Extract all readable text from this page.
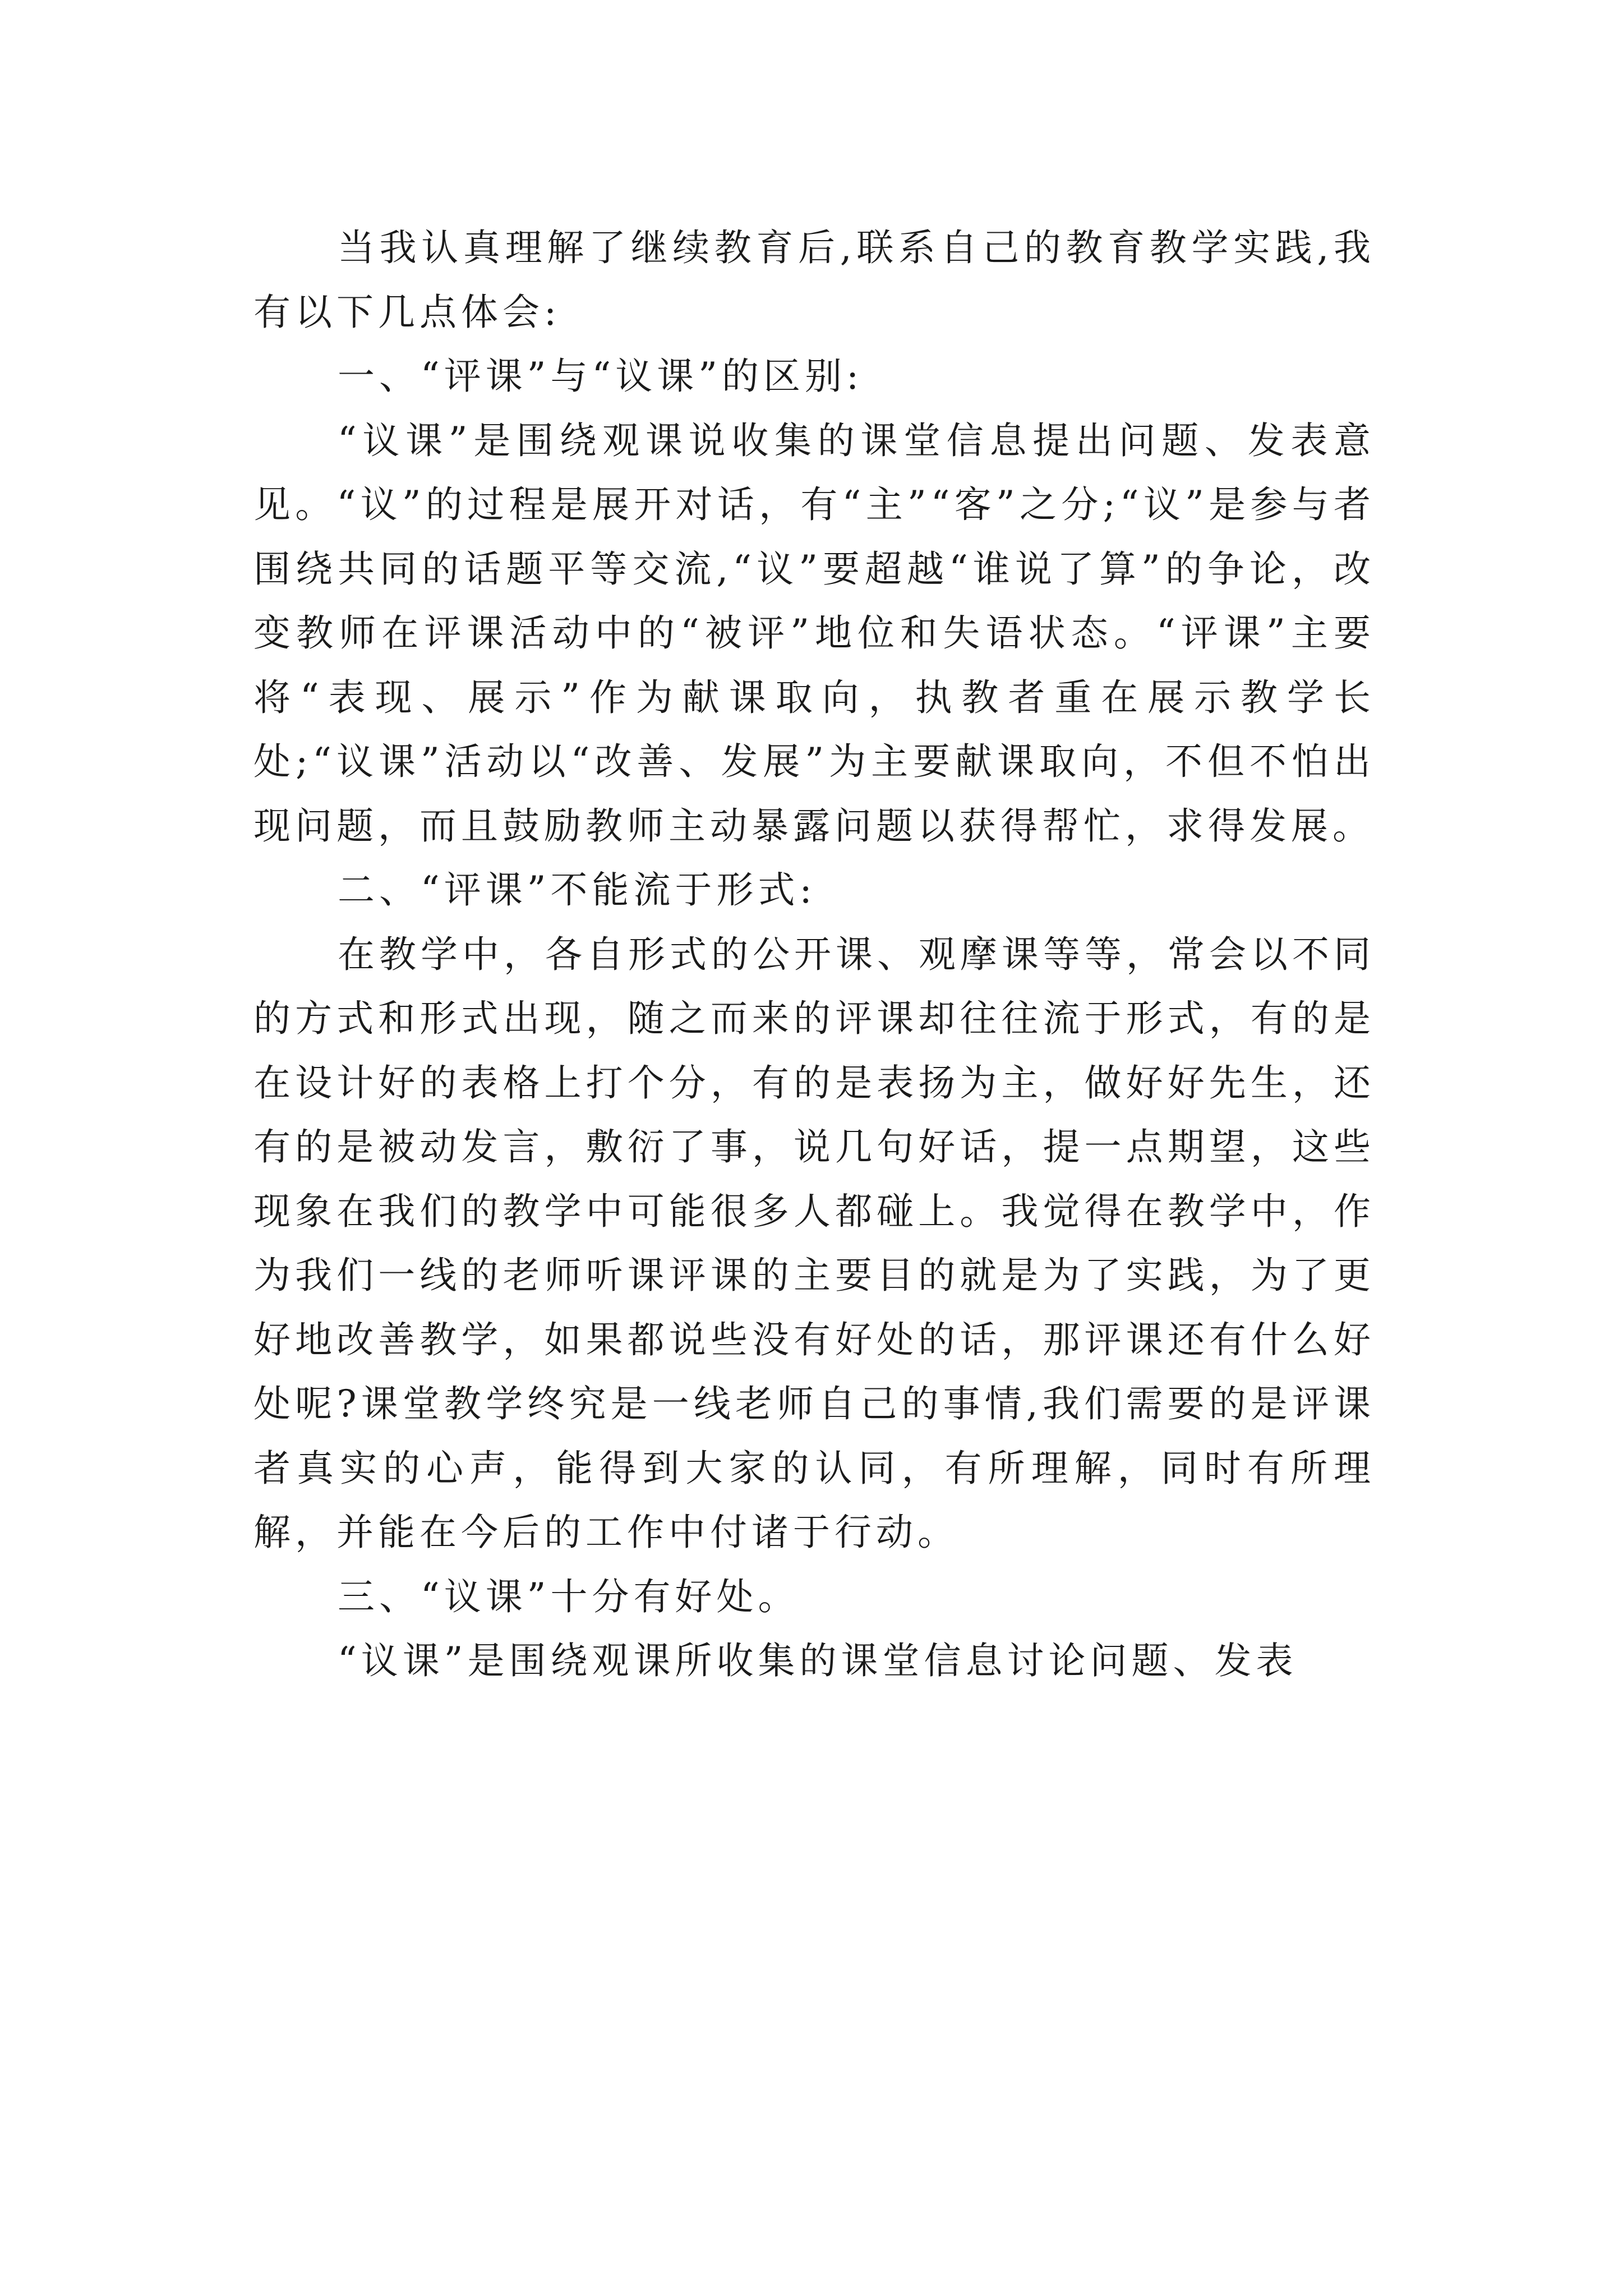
当我认真理解了继续教育后,联系自己的教育教学实践,我有以下几点体会:

一、“评课”与“议课”的区别:

“议课”是围绕观课说收集的课堂信息提出问题、发表意见。“议”的过程是展开对话，有“主”“客”之分;“议”是参与者围绕共同的话题平等交流,“议”要超越“谁说了算”的争论，改变教师在评课活动中的“被评”地位和失语状态。“评课”主要将“表现、展示”作为献课取向，执教者重在展示教学长处;“议课”活动以“改善、发展”为主要献课取向，不但不怕出现问题，而且鼓励教师主动暴露问题以获得帮忙，求得发展。

二、“评课”不能流于形式:

在教学中，各自形式的公开课、观摩课等等，常会以不同的方式和形式出现，随之而来的评课却往往流于形式，有的是在设计好的表格上打个分，有的是表扬为主，做好好先生，还有的是被动发言，敷衍了事，说几句好话，提一点期望，这些现象在我们的教学中可能很多人都碰上。我觉得在教学中，作为我们一线的老师听课评课的主要目的就是为了实践，为了更好地改善教学，如果都说些没有好处的话，那评课还有什么好处呢?课堂教学终究是一线老师自己的事情,我们需要的是评课者真实的心声，能得到大家的认同，有所理解，同时有所理解，并能在今后的工作中付诸于行动。

三、“议课”十分有好处。

“议课”是围绕观课所收集的课堂信息讨论问题、发表
